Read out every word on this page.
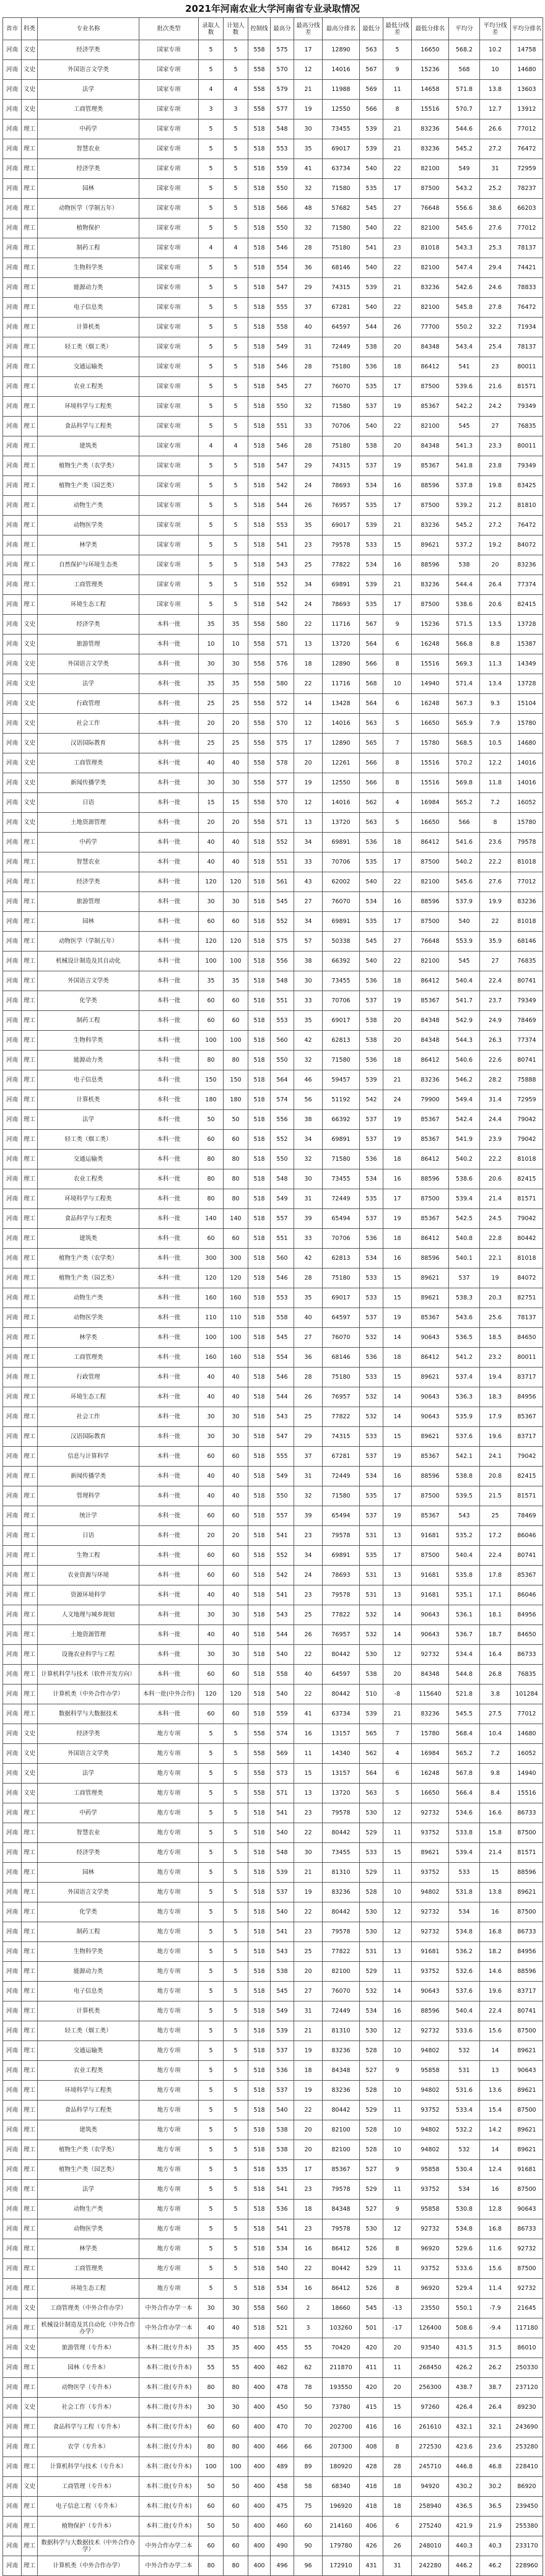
2021年河南农业大学河南省专业录取情况
省市	科类	专业名称	批次类型	录取人数	计划人数	控制线	最高分	最高分线差	最高分排名	最低分	最低分线差	最低分排名	平均分	平均分线差	平均分排名
河南	文史	经济学类	国家专项	5	5	558	575	17	12890	563	5	16650	568.2	10.2	14758
河南	文史	外国语言文学类	国家专项	5	5	558	570	12	14016	567	9	15236	568	10	14680
河南	文史	法学	国家专项	4	4	558	579	21	11988	569	11	14658	571.8	13.8	13603
河南	文史	工商管理类	国家专项	3	3	558	577	19	12550	566	8	15516	570.7	12.7	13912
河南	理工	中药学	国家专项	5	5	518	548	30	73455	539	21	83236	544.6	26.6	77012
河南	理工	智慧农业	国家专项	5	5	518	553	35	69017	539	21	83236	545.2	27.2	76472
河南	理工	经济学类	国家专项	5	5	518	559	41	63734	540	22	82100	549	31	72959
河南	理工	园林	国家专项	5	5	518	550	32	71580	535	17	87500	543.2	25.2	78237
河南	理工	动物医学（学制五年）	国家专项	5	5	518	566	48	57682	545	27	76648	556.6	38.6	66203
河南	理工	植物保护	国家专项	5	5	518	550	32	71580	540	22	82100	545.6	27.6	77012
河南	理工	制药工程	国家专项	4	4	518	546	28	75180	541	23	81018	543.3	25.3	78137
河南	理工	生物科学类	国家专项	5	5	518	554	36	68146	540	22	82100	547.4	29.4	74421
河南	理工	能源动力类	国家专项	5	5	518	547	29	74315	539	21	83236	542.6	24.6	78833
河南	理工	电子信息类	国家专项	5	5	518	555	37	67281	540	22	82100	545.8	27.8	76472
河南	理工	计算机类	国家专项	5	5	518	558	40	64597	544	26	77700	550.2	32.2	71934
河南	理工	轻工类（烟工类）	国家专项	5	5	518	549	31	72449	538	20	84348	543.4	25.4	78137
河南	理工	交通运输类	国家专项	5	5	518	546	28	75180	536	18	86412	541	23	80011
河南	理工	农业工程类	国家专项	5	5	518	545	27	76070	535	17	87500	539.6	21.6	81571
河南	理工	环境科学与工程类	国家专项	5	5	518	550	32	71580	537	19	85367	542.2	24.2	79349
河南	理工	食品科学与工程类	国家专项	5	5	518	551	33	70706	540	22	82100	545	27	76835
河南	理工	建筑类	国家专项	4	4	518	546	28	75180	538	20	84348	541.3	23.3	80011
河南	理工	植物生产类（农学类）	国家专项	5	5	518	547	29	74315	537	19	85367	541.8	23.8	79349
河南	理工	植物生产类（园艺类）	国家专项	5	5	518	542	24	78693	534	16	88596	537.8	19.8	83425
河南	理工	动物生产类	国家专项	5	5	518	544	26	76957	535	17	87500	539.2	21.2	81810
河南	理工	动物医学类	国家专项	5	5	518	553	35	69017	539	21	83236	545.2	27.2	76472
河南	理工	林学类	国家专项	5	5	518	541	23	79578	533	15	89621	537.2	19.2	84072
河南	理工	自然保护与环境生态类	国家专项	5	5	518	543	25	77822	534	16	88596	538	20	83236
河南	理工	工商管理类	国家专项	5	5	518	552	34	69891	539	21	83236	544.4	26.4	77374
河南	理工	环境生态工程	国家专项	5	5	518	542	24	78693	535	17	87500	538.6	20.6	82415
河南	文史	经济学类	本科一批	35	35	558	580	22	11716	567	9	15236	571.5	13.5	13728
河南	文史	旅游管理	本科一批	10	10	558	571	13	13720	564	6	16248	566.8	8.8	15387
河南	文史	外国语言文学类	本科一批	30	30	558	576	18	12890	566	8	15516	569.3	11.3	14349
河南	文史	法学	本科一批	35	35	558	580	22	11716	568	10	14940	571.4	13.4	13728
河南	文史	行政管理	本科一批	25	25	558	572	14	13428	564	6	16248	567.3	9.3	15104
河南	文史	社会工作	本科一批	20	20	558	570	12	14016	563	5	16650	565.9	7.9	15780
河南	文史	汉语国际教育	本科一批	25	25	558	575	17	12890	565	7	15780	568.5	10.5	14680
河南	文史	工商管理类	本科一批	40	40	558	578	20	12261	566	8	15516	570.2	12.2	14016
河南	文史	新闻传播学类	本科一批	30	30	558	577	19	12550	566	8	15516	569.8	11.8	14016
河南	文史	日语	本科一批	15	15	558	570	12	14016	562	4	16984	565.2	7.2	16052
河南	文史	土地资源管理	本科一批	20	20	558	571	13	13720	563	5	16650	566	8	15780
河南	理工	中药学	本科一批	40	40	518	552	34	69891	536	18	86412	541.6	23.6	79578
河南	理工	智慧农业	本科一批	40	40	518	551	33	70706	535	17	87500	540.2	22.2	81018
河南	理工	经济学类	本科一批	120	120	518	561	43	62002	540	22	82100	545.6	27.6	77012
河南	理工	旅游管理	本科一批	30	30	518	545	27	76070	534	16	88596	537.9	19.9	83236
河南	理工	园林	本科一批	60	60	518	552	34	69891	535	17	87500	540	22	81018
河南	理工	动物医学（学制五年）	本科一批	120	120	518	575	57	50338	545	27	76648	553.9	35.9	68146
河南	理工	机械设计制造及其自动化	本科一批	100	100	518	556	38	66392	540	22	82100	545	27	76835
河南	理工	外国语言文学类	本科一批	35	35	518	548	30	73455	536	18	86412	540.4	22.4	80741
河南	理工	化学类	本科一批	60	60	518	551	33	70706	537	19	85367	541.7	23.7	79349
河南	理工	制药工程	本科一批	60	60	518	553	35	69017	538	20	84348	542.9	24.9	78469
河南	理工	生物科学类	本科一批	100	100	518	560	42	62813	538	20	84348	544.3	26.3	77374
河南	理工	能源动力类	本科一批	80	80	518	550	32	71580	536	18	86412	540.6	22.6	80741
河南	理工	电子信息类	本科一批	150	150	518	564	46	59457	539	21	83236	546.2	28.2	75888
河南	理工	计算机类	本科一批	180	180	518	574	56	51192	542	24	79900	549.4	31.4	72959
河南	理工	法学	本科一批	50	50	518	556	38	66392	537	19	85367	542.4	24.4	79042
河南	理工	轻工类（烟工类）	本科一批	60	60	518	552	34	69891	537	19	85367	541.9	23.9	79042
河南	理工	交通运输类	本科一批	80	80	518	550	32	71580	536	18	86412	540.2	22.2	81018
河南	理工	农业工程类	本科一批	80	80	518	548	30	73455	534	16	88596	538.6	20.6	82415
河南	理工	环境科学与工程类	本科一批	80	80	518	549	31	72449	535	17	87500	539.4	21.4	81571
河南	理工	食品科学与工程类	本科一批	140	140	518	557	39	65494	537	19	85367	542.5	24.5	79042
河南	理工	建筑类	本科一批	60	60	518	551	33	70706	536	18	86412	540.8	22.8	80442
河南	理工	植物生产类（农学类）	本科一批	300	300	518	560	42	62813	534	16	88596	540.1	22.1	81018
河南	理工	植物生产类（园艺类）	本科一批	120	120	518	546	28	75180	533	15	89621	537	19	84072
河南	理工	动物生产类	本科一批	160	160	518	553	35	69017	533	15	89621	538.3	20.3	82751
河南	理工	动物医学类	本科一批	110	110	518	558	40	64597	537	19	85367	543.6	25.6	78137
河南	理工	林学类	本科一批	100	100	518	545	27	76070	532	14	90643	536.5	18.5	84650
河南	理工	工商管理类	本科一批	160	160	518	554	36	68146	536	18	86412	541.2	23.2	80011
河南	理工	行政管理	本科一批	40	40	518	546	28	75180	533	15	89621	537.4	19.4	83717
河南	理工	环境生态工程	本科一批	40	40	518	544	26	76957	532	14	90643	536.3	18.3	84956
河南	理工	社会工作	本科一批	30	30	518	543	25	77822	532	14	90643	535.9	17.9	85367
河南	理工	汉语国际教育	本科一批	30	30	518	547	29	74315	533	15	89621	537.6	19.6	83717
河南	理工	信息与计算科学	本科一批	60	60	518	555	37	67281	537	19	85367	542.1	24.1	79042
河南	理工	新闻传播学类	本科一批	40	40	518	549	31	72449	534	16	88596	538.8	20.8	82415
河南	理工	管理科学	本科一批	40	40	518	550	32	71580	535	17	87500	539.5	21.5	81571
河南	理工	统计学	本科一批	60	60	518	557	39	65494	537	19	85367	543	25	78469
河南	理工	日语	本科一批	20	20	518	541	23	79578	531	13	91681	535.2	17.2	86046
河南	理工	生物工程	本科一批	60	60	518	552	34	69891	535	17	87500	540.4	22.4	80741
河南	理工	农业资源与环境	本科一批	60	60	518	542	24	78693	531	13	91681	535.8	17.8	85367
河南	理工	资源环境科学	本科一批	40	40	518	541	23	79578	531	13	91681	535.1	17.1	86046
河南	理工	人文地理与城乡规划	本科一批	30	30	518	543	25	77822	532	14	90643	536.1	18.1	84956
河南	理工	土地资源管理	本科一批	40	40	518	544	26	76957	532	14	90643	536.7	18.7	84650
河南	理工	设施农业科学与工程	本科一批	30	30	518	540	22	80442	530	12	92732	534.4	16.4	86733
河南	理工	计算机科学与技术（软件开发方向）	本科一批	60	60	518	558	40	64597	538	20	84348	544.8	26.8	76835
河南	理工	计算机类（中外合作办学）	本科一批(中外合作)	120	120	518	540	22	80442	510	-8	115640	521.8	3.8	101284
河南	理工	数据科学与大数据技术	本科一批	60	60	518	559	41	63734	539	21	83236	545.5	27.5	77012
河南	文史	经济学类	地方专项	5	5	558	574	16	13157	565	7	15780	568.4	10.4	14680
河南	文史	外国语言文学类	地方专项	5	5	558	569	11	14340	562	4	16984	565.2	7.2	16052
河南	文史	法学	地方专项	5	5	558	573	15	13157	564	6	16248	567.8	9.8	14940
河南	文史	工商管理类	地方专项	5	5	558	571	13	13720	563	5	16650	566.4	8.4	15516
河南	理工	中药学	地方专项	5	5	518	541	23	79578	530	12	92732	534.6	16.6	86733
河南	理工	智慧农业	地方专项	5	5	518	540	22	80442	529	11	93752	533.8	15.8	87500
河南	理工	经济学类	地方专项	5	5	518	548	30	73455	533	15	89621	539.4	21.4	81571
河南	理工	园林	地方专项	5	5	518	539	21	81310	529	11	93752	533	15	88596
河南	理工	外国语言文学类	地方专项	5	5	518	537	19	83236	528	10	94802	531.8	13.8	89621
河南	理工	化学类	地方专项	5	5	518	540	22	80442	530	12	92732	534	16	87500
河南	理工	制药工程	地方专项	5	5	518	541	23	79578	530	12	92732	534.8	16.8	86733
河南	理工	生物科学类	地方专项	5	5	518	543	25	77822	531	13	91681	536.2	18.2	84956
河南	理工	能源动力类	地方专项	5	5	518	538	20	82100	529	11	93752	532.6	14.6	88596
河南	理工	电子信息类	地方专项	5	5	518	545	27	76070	532	14	90643	537.6	19.6	83717
河南	理工	计算机类	地方专项	5	5	518	549	31	72449	534	16	88596	540.4	22.4	80741
河南	理工	轻工类（烟工类）	地方专项	5	5	518	539	21	81310	530	12	92732	533.6	15.6	87500
河南	理工	交通运输类	地方专项	5	5	518	537	19	83236	528	10	94802	532	14	89621
河南	理工	农业工程类	地方专项	5	5	518	536	18	84348	527	9	95858	531	13	90643
河南	理工	环境科学与工程类	地方专项	5	5	518	537	19	83236	528	10	94802	531.6	13.6	89621
河南	理工	食品科学与工程类	地方专项	5	5	518	540	22	80442	529	11	93752	533.4	15.4	87500
河南	理工	建筑类	地方专项	5	5	518	538	20	82100	528	10	94802	532.2	14.2	89621
河南	理工	植物生产类（农学类）	地方专项	5	5	518	538	20	82100	528	10	94802	532	14	89621
河南	理工	植物生产类（园艺类）	地方专项	5	5	518	535	17	85367	527	9	95858	530.4	12.4	91681
河南	理工	法学	地方专项	5	5	518	541	23	79578	529	11	93752	534	16	87500
河南	理工	动物生产类	地方专项	5	5	518	536	18	84348	527	9	95858	530.8	12.8	90643
河南	理工	动物医学类	地方专项	5	5	518	541	23	79578	530	12	92732	534.8	16.8	86733
河南	理工	林学类	地方专项	5	5	518	534	16	86412	526	8	96920	529.6	11.6	92732
河南	理工	工商管理类	地方专项	5	5	518	540	22	80442	529	11	93752	533.6	15.6	87500
河南	理工	环境生态工程	地方专项	5	5	518	534	16	86412	526	8	96920	529.4	11.4	92732
河南	文史	工商管理类（中外合作办学）	中外合作办学一本	30	30	558	560	2	18660	545	-13	23550	550.1	-7.9	21645
河南	理工	机械设计制造及其自动化（中外合作办学）	中外合作办学一本	40	40	518	521	3	103260	501	-17	126400	508.6	-9.4	117180
河南	文史	旅游管理（专升本）	本科二批(专升本)	35	35	400	455	55	70420	420	20	93540	431.5	31.5	86010
河南	理工	园林（专升本）	本科二批(专升本)	55	55	400	462	62	211870	411	11	268450	426.2	26.2	250330
河南	理工	动物医学（专升本）	本科二批(专升本)	80	80	400	478	78	193550	420	20	256300	438.7	38.7	237120
河南	文史	社会工作（专升本）	本科二批(专升本)	30	30	400	450	50	73780	415	15	97260	426.4	26.4	89230
河南	理工	食品科学与工程（专升本）	本科二批(专升本)	60	60	400	470	70	202700	416	16	261610	432.1	32.1	243690
河南	理工	农学（专升本）	本科二批(专升本)	80	80	400	466	66	207300	408	8	272530	423.6	23.6	253280
河南	理工	计算机科学与技术（专升本）	本科二批(专升本)	100	100	400	489	89	180920	428	28	245710	446.8	46.8	228410
河南	文史	工商管理（专升本）	本科二批(专升本)	50	50	400	458	58	68340	418	18	94920	430.2	30.2	86920
河南	理工	电子信息工程（专升本）	本科二批(专升本)	60	60	400	475	75	196920	418	18	258940	436.5	36.5	239450
河南	理工	植物保护（专升本）	本科二批(专升本)	50	50	400	460	60	214160	406	6	275240	421.9	21.9	255380
河南	理工	数据科学与大数据技术（中外合作办学）	中外合作办学二本	60	60	400	490	90	179780	426	26	248010	440.3	40.3	233170
河南	理工	计算机类（中外合作办学）	中外合作办学二本	80	80	400	496	96	172910	431	31	242280	446.2	46.2	228960
